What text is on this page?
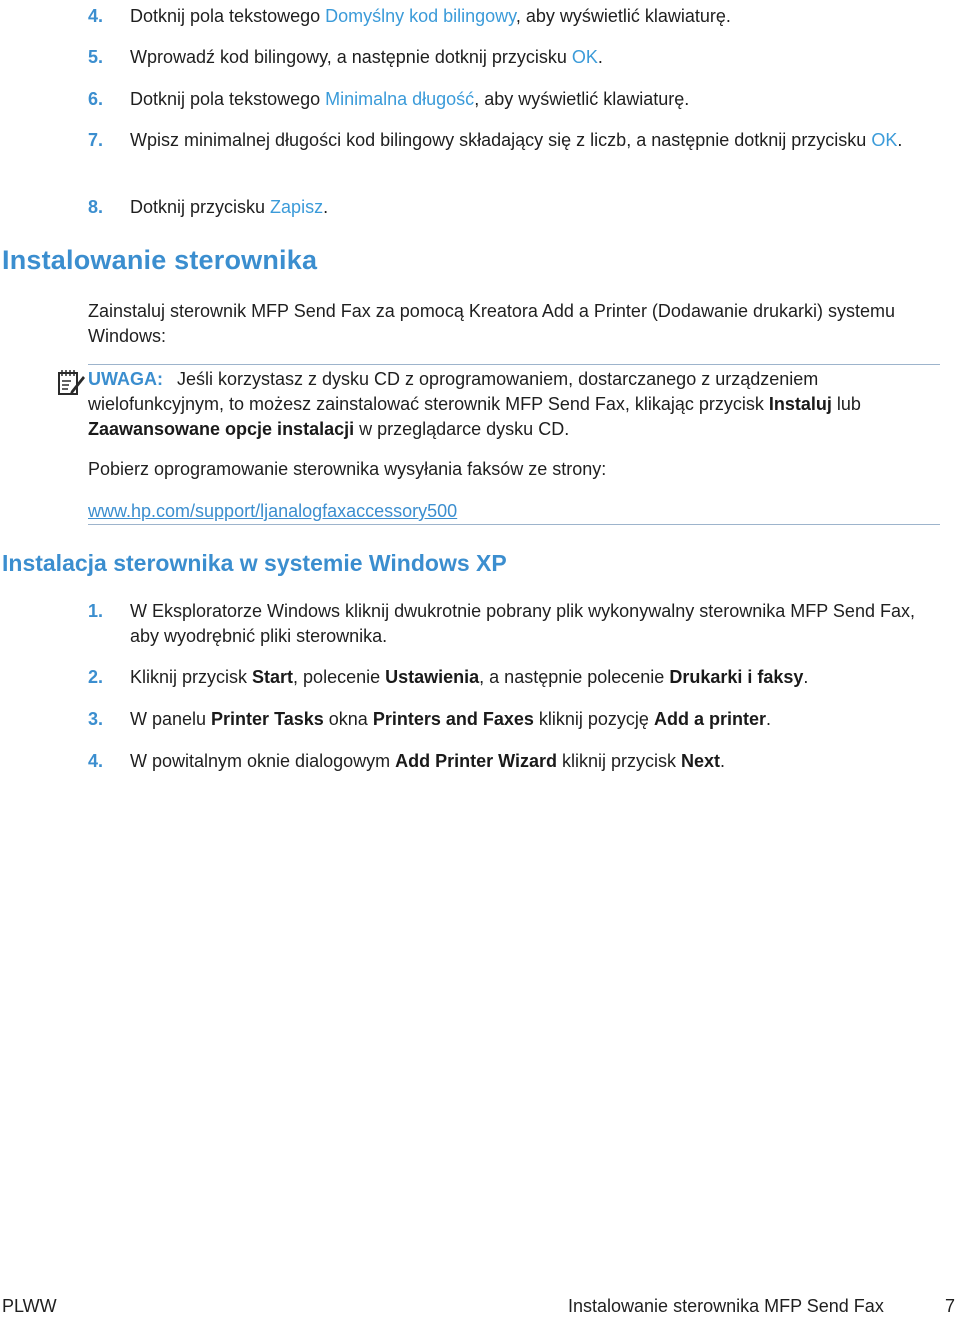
4. Dotknij pola tekstowego Domyślny kod bilingowy, aby wyświetlić klawiaturę.
5. Wprowadź kod bilingowy, a następnie dotknij przycisku OK.
6. Dotknij pola tekstowego Minimalna długość, aby wyświetlić klawiaturę.
7. Wpisz minimalnej długości kod bilingowy składający się z liczb, a następnie dotknij przycisku OK.
8. Dotknij przycisku Zapisz.
Instalowanie sterownika
Zainstaluj sterownik MFP Send Fax za pomocą Kreatora Add a Printer (Dodawanie drukarki) systemu Windows:
UWAGA: Jeśli korzystasz z dysku CD z oprogramowaniem, dostarczanego z urządzeniem wielofunkcyjnym, to możesz zainstalować sterownik MFP Send Fax, klikając przycisk Instaluj lub Zaawansowane opcje instalacji w przeglądarce dysku CD.
Pobierz oprogramowanie sterownika wysyłania faksów ze strony:
www.hp.com/support/ljanalogfaxaccessory500
Instalacja sterownika w systemie Windows XP
1. W Eksploratorze Windows kliknij dwukrotnie pobrany plik wykonywalny sterownika MFP Send Fax, aby wyodrębnić pliki sterownika.
2. Kliknij przycisk Start, polecenie Ustawienia, a następnie polecenie Drukarki i faksy.
3. W panelu Printer Tasks okna Printers and Faxes kliknij pozycję Add a printer.
4. W powitalnym oknie dialogowym Add Printer Wizard kliknij przycisk Next.
PLWW	Instalowanie sterownika MFP Send Fax	7
